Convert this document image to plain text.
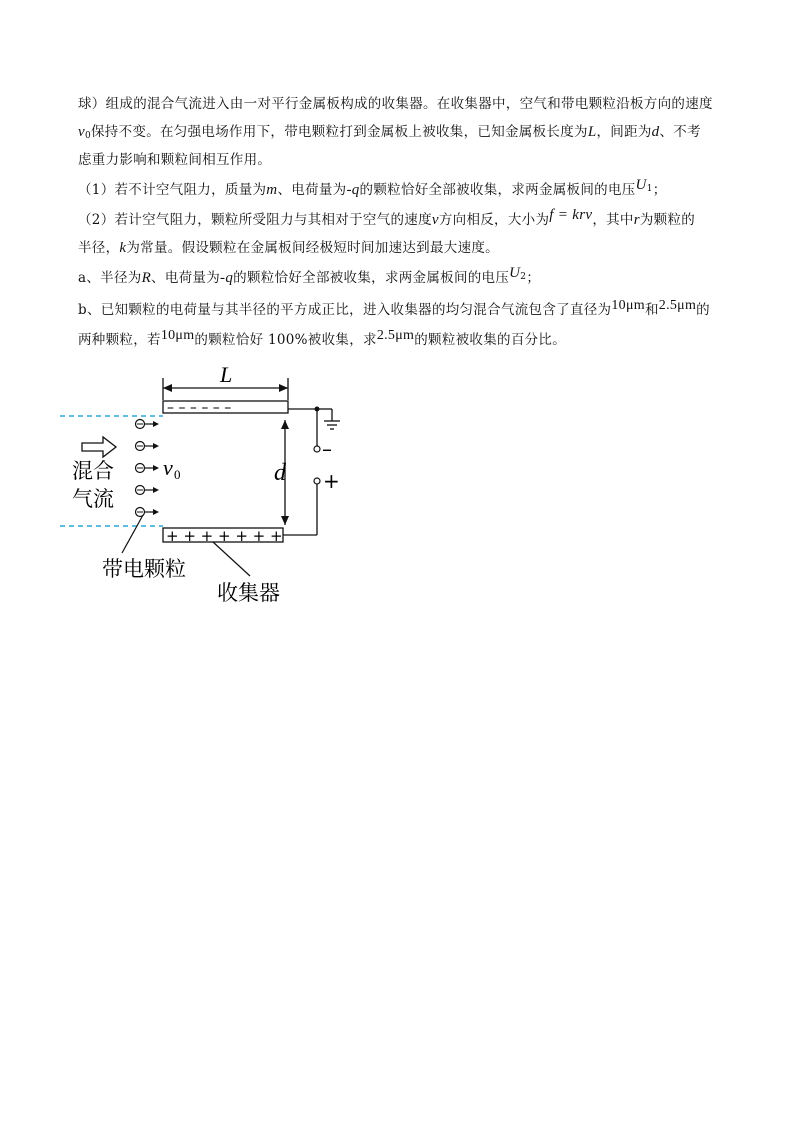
球）组成的混合气流进入由一对平行金属板构成的收集器。在收集器中，空气和带电颗粒沿板方向的速度
$v_0$保持不变。在匀强电场作用下，带电颗粒打到金属板上被收集，已知金属板长度为L，间距为d、不考
虑重力影响和颗粒间相互作用。
（1）若不计空气阻力，质量为m、电荷量为-q的颗粒恰好全部被收集，求两金属板间的电压$U_1$；
（2）若计空气阻力，颗粒所受阻力与其相对于空气的速度v方向相反，大小为f = krv，其中r为颗粒的
半径，k为常量。假设颗粒在金属板间经极短时间加速达到最大速度。
a、半径为R、电荷量为-q的颗粒恰好全部被收集，求两金属板间的电压$U_2$；
b、已知颗粒的电荷量与其半径的平方成正比，进入收集器的均匀混合气流包含了直径为10μm和2.5μm的
两种颗粒，若10μm的颗粒恰好 100%被收集，求2.5μm的颗粒被收集的百分比。
L
– – – – – –
+ + + + + + +
d
–
+
v 0
混合
气流
带电颗粒
收集器
